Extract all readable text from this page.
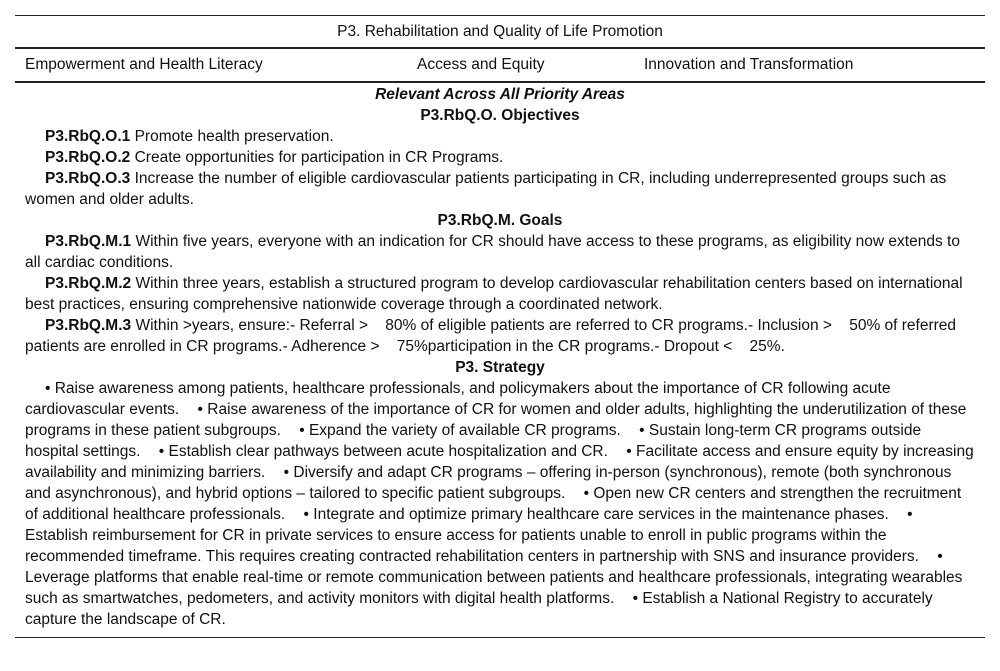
P3. Rehabilitation and Quality of Life Promotion
Empowerment and Health Literacy	Access and Equity	Innovation and Transformation
Relevant Across All Priority Areas
P3.RbQ.O. Objectives
P3.RbQ.O.1 Promote health preservation.
P3.RbQ.O.2 Create opportunities for participation in CR Programs.
P3.RbQ.O.3 Increase the number of eligible cardiovascular patients participating in CR, including underrepresented groups such as women and older adults.
P3.RbQ.M. Goals
P3.RbQ.M.1 Within five years, everyone with an indication for CR should have access to these programs, as eligibility now extends to all cardiac conditions.
P3.RbQ.M.2 Within three years, establish a structured program to develop cardiovascular rehabilitation centers based on international best practices, ensuring comprehensive nationwide coverage through a coordinated network.
P3.RbQ.M.3 Within >years, ensure:- Referral >    80% of eligible patients are referred to CR programs.- Inclusion >    50% of referred patients are enrolled in CR programs.- Adherence >    75%participation in the CR programs.- Dropout <    25%.
P3. Strategy
• Raise awareness among patients, healthcare professionals, and policymakers about the importance of CR following acute cardiovascular events. • Raise awareness of the importance of CR for women and older adults, highlighting the underutilization of these programs in these patient subgroups. • Expand the variety of available CR programs. • Sustain long-term CR programs outside hospital settings. • Establish clear pathways between acute hospitalization and CR. • Facilitate access and ensure equity by increasing availability and minimizing barriers. • Diversify and adapt CR programs – offering in-person (synchronous), remote (both synchronous and asynchronous), and hybrid options – tailored to specific patient subgroups. • Open new CR centers and strengthen the recruitment of additional healthcare professionals. • Integrate and optimize primary healthcare care services in the maintenance phases. • Establish reimbursement for CR in private services to ensure access for patients unable to enroll in public programs within the recommended timeframe. This requires creating contracted rehabilitation centers in partnership with SNS and insurance providers. • Leverage platforms that enable real-time or remote communication between patients and healthcare professionals, integrating wearables such as smartwatches, pedometers, and activity monitors with digital health platforms. • Establish a National Registry to accurately capture the landscape of CR.
